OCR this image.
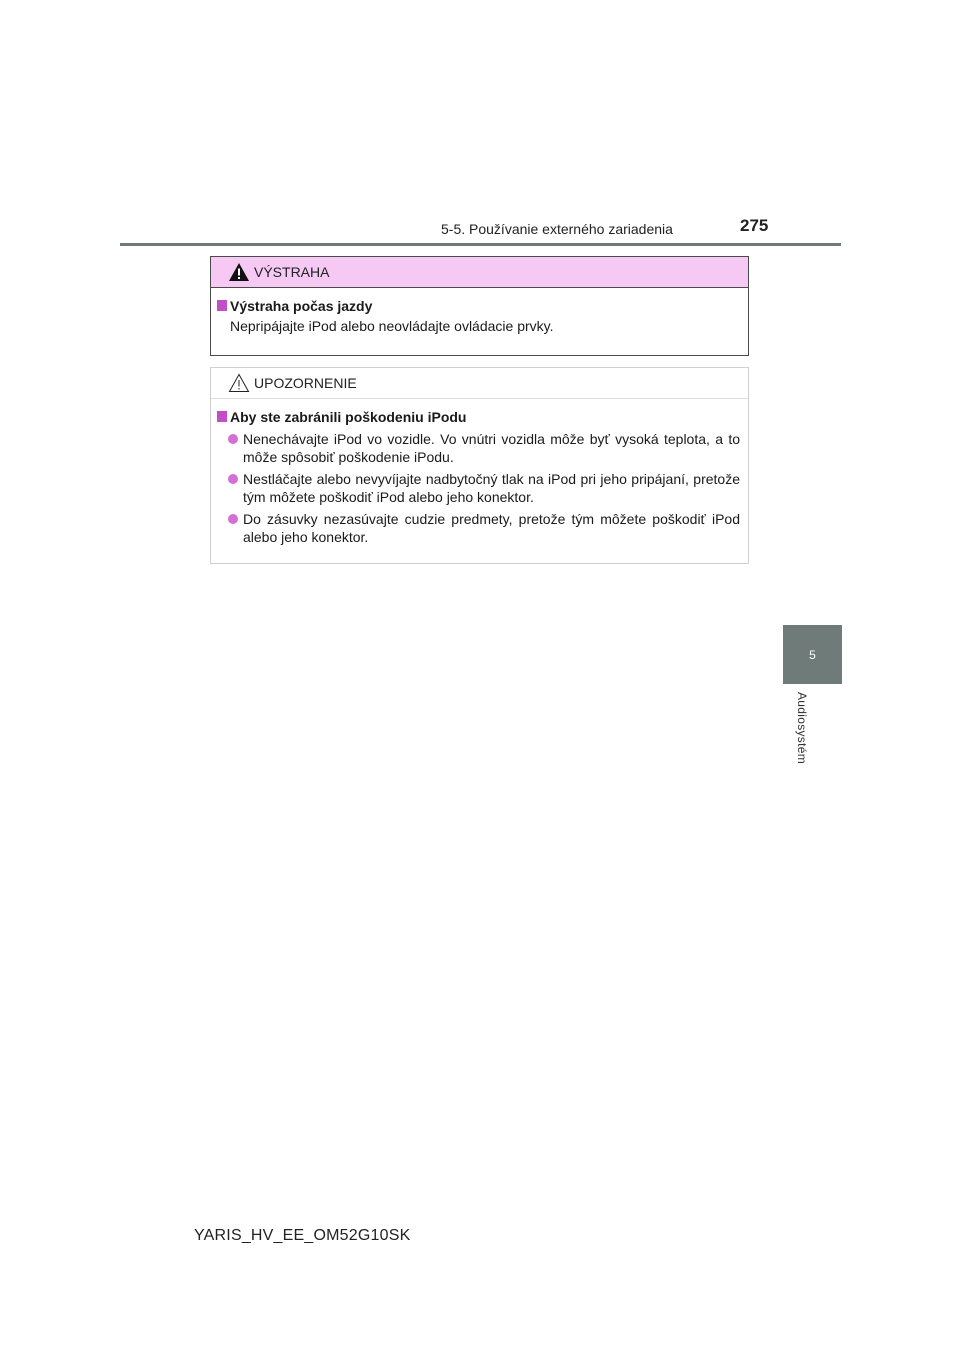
5-5. Používanie externého zariadenia	275
5
Audiosystém
VÝSTRAHA
Výstraha počas jazdy
Nepripájajte iPod alebo neovládajte ovládacie prvky.
UPOZORNENIE
Aby ste zabránili poškodeniu iPodu
Nenechávajte iPod vo vozidle. Vo vnútri vozidla môže byť vysoká teplota, a to môže spôsobiť poškodenie iPodu.
Nestláčajte alebo nevyvíjajte nadbytočný tlak na iPod pri jeho pripájaní, pretože tým môžete poškodiť iPod alebo jeho konektor.
Do zásuvky nezasúvajte cudzie predmety, pretože tým môžete poškodiť iPod alebo jeho konektor.
YARIS_HV_EE_OM52G10SK
